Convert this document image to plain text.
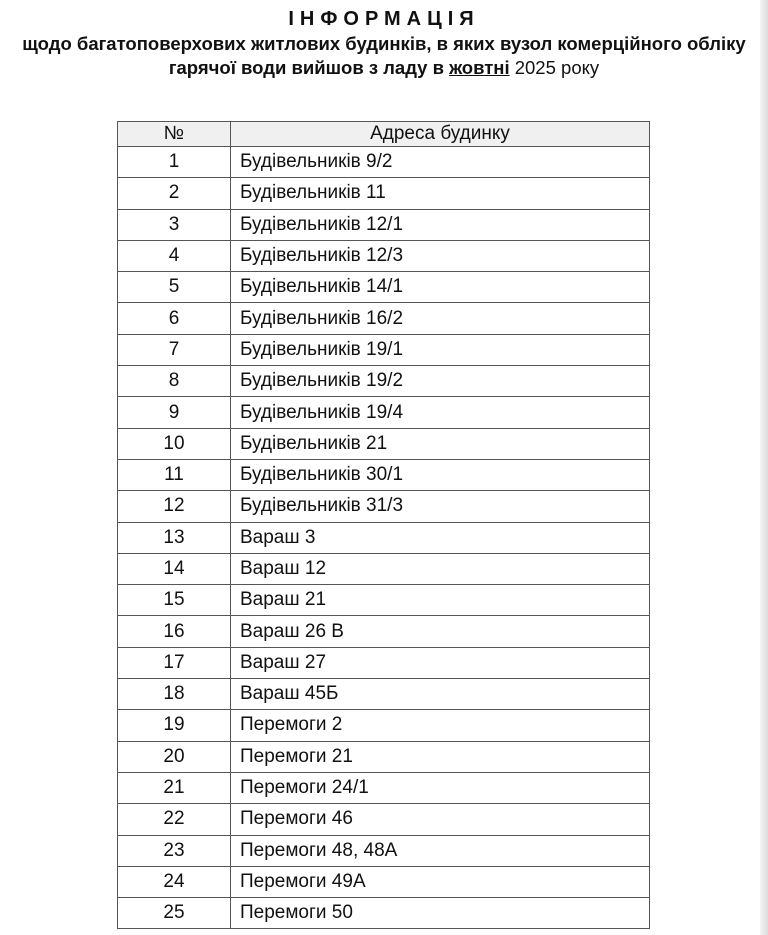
ІНФОРМАЦІЯ
щодо багатоповерхових житлових будинків, в яких вузол комерційного обліку
гарячої води вийшов з ладу в жовтні 2025 року
№	Адреса будинку
1	Будівельників 9/2
2	Будівельників 11
3	Будівельників 12/1
4	Будівельників 12/3
5	Будівельників 14/1
6	Будівельників 16/2
7	Будівельників 19/1
8	Будівельників 19/2
9	Будівельників 19/4
10	Будівельників 21
11	Будівельників 30/1
12	Будівельників 31/3
13	Вараш 3
14	Вараш 12
15	Вараш 21
16	Вараш 26 В
17	Вараш 27
18	Вараш 45Б
19	Перемоги 2
20	Перемоги 21
21	Перемоги 24/1
22	Перемоги 46
23	Перемоги 48, 48А
24	Перемоги 49А
25	Перемоги 50
